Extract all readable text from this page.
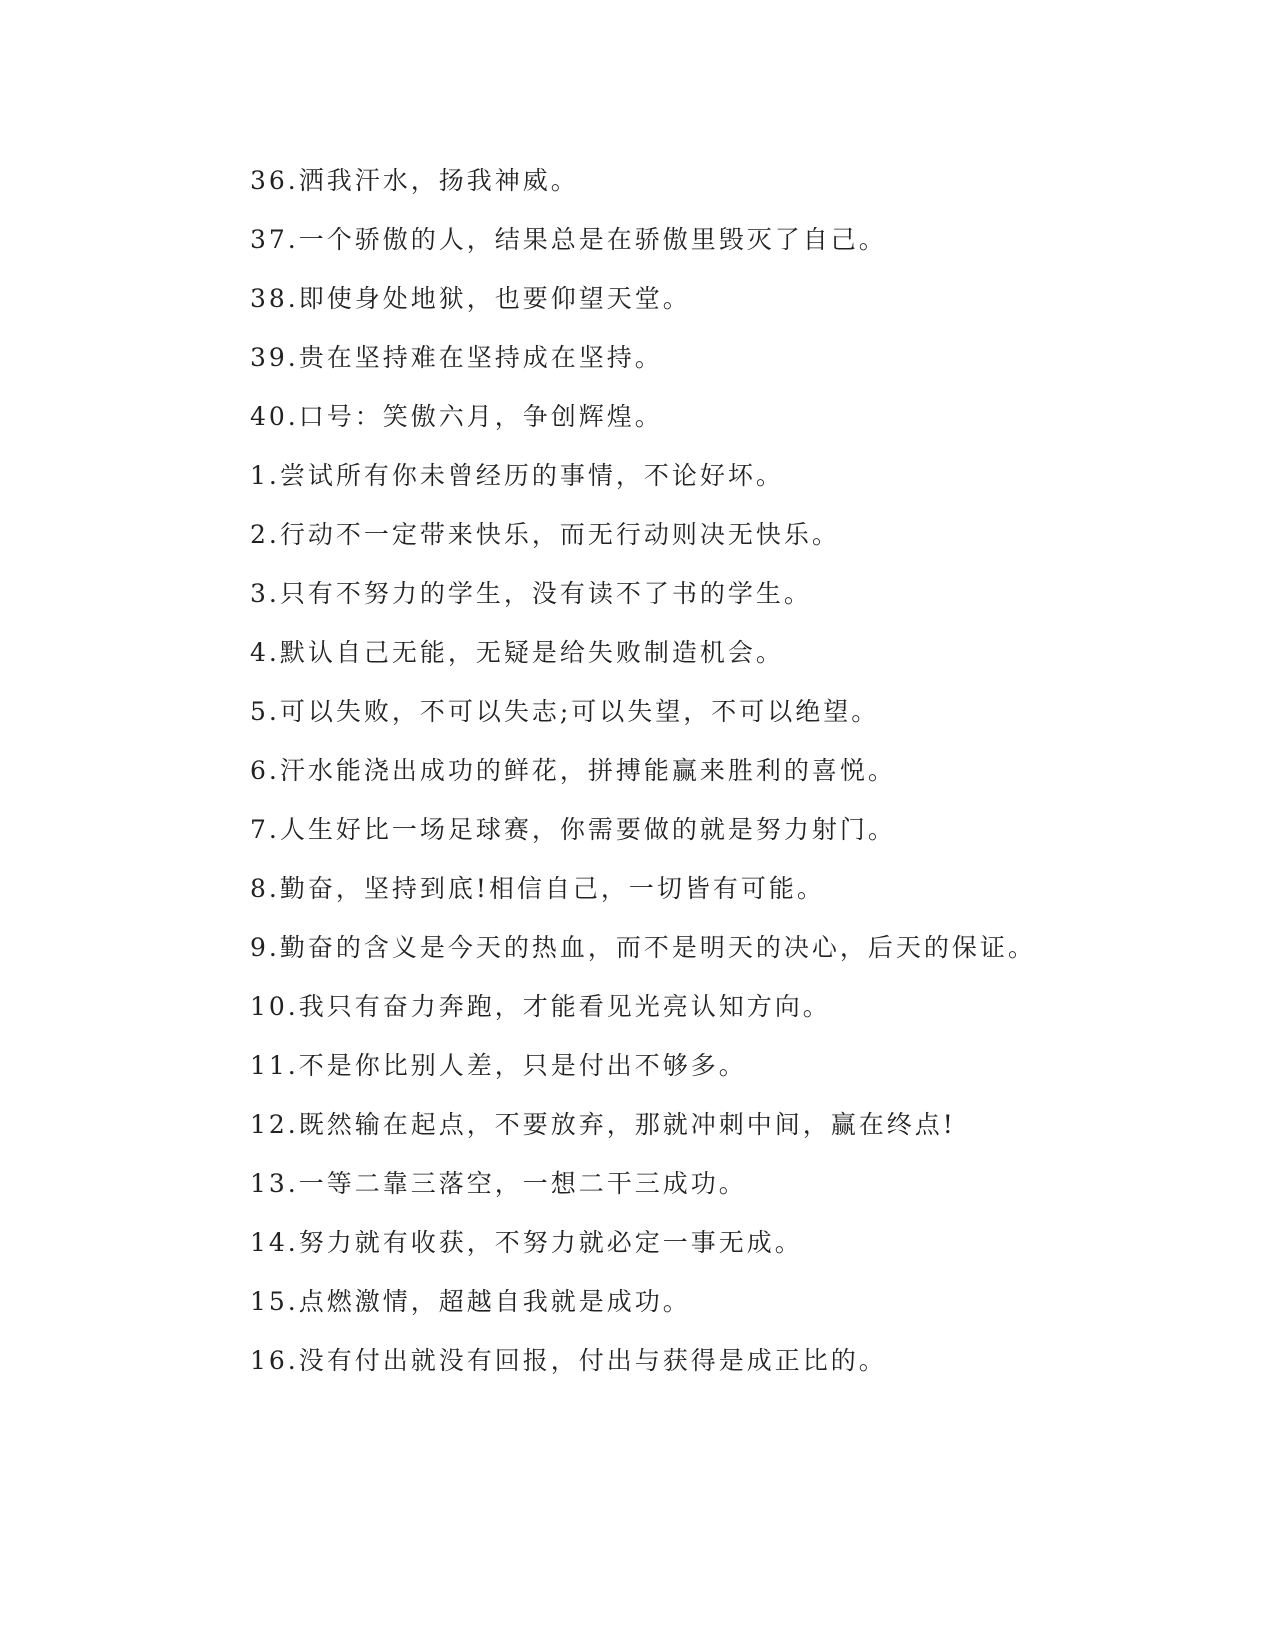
36.洒我汗水，扬我神威。
37.一个骄傲的人，结果总是在骄傲里毁灭了自己。
38.即使身处地狱，也要仰望天堂。
39.贵在坚持难在坚持成在坚持。
40.口号：笑傲六月，争创辉煌。
1.尝试所有你未曾经历的事情，不论好坏。
2.行动不一定带来快乐，而无行动则决无快乐。
3.只有不努力的学生，没有读不了书的学生。
4.默认自己无能，无疑是给失败制造机会。
5.可以失败，不可以失志;可以失望，不可以绝望。
6.汗水能浇出成功的鲜花，拼搏能赢来胜利的喜悦。
7.人生好比一场足球赛，你需要做的就是努力射门。
8.勤奋，坚持到底!相信自己，一切皆有可能。
9.勤奋的含义是今天的热血，而不是明天的决心，后天的保证。
10.我只有奋力奔跑，才能看见光亮认知方向。
11.不是你比别人差，只是付出不够多。
12.既然输在起点，不要放弃，那就冲刺中间，赢在终点!
13.一等二靠三落空，一想二干三成功。
14.努力就有收获，不努力就必定一事无成。
15.点燃激情，超越自我就是成功。
16.没有付出就没有回报，付出与获得是成正比的。
